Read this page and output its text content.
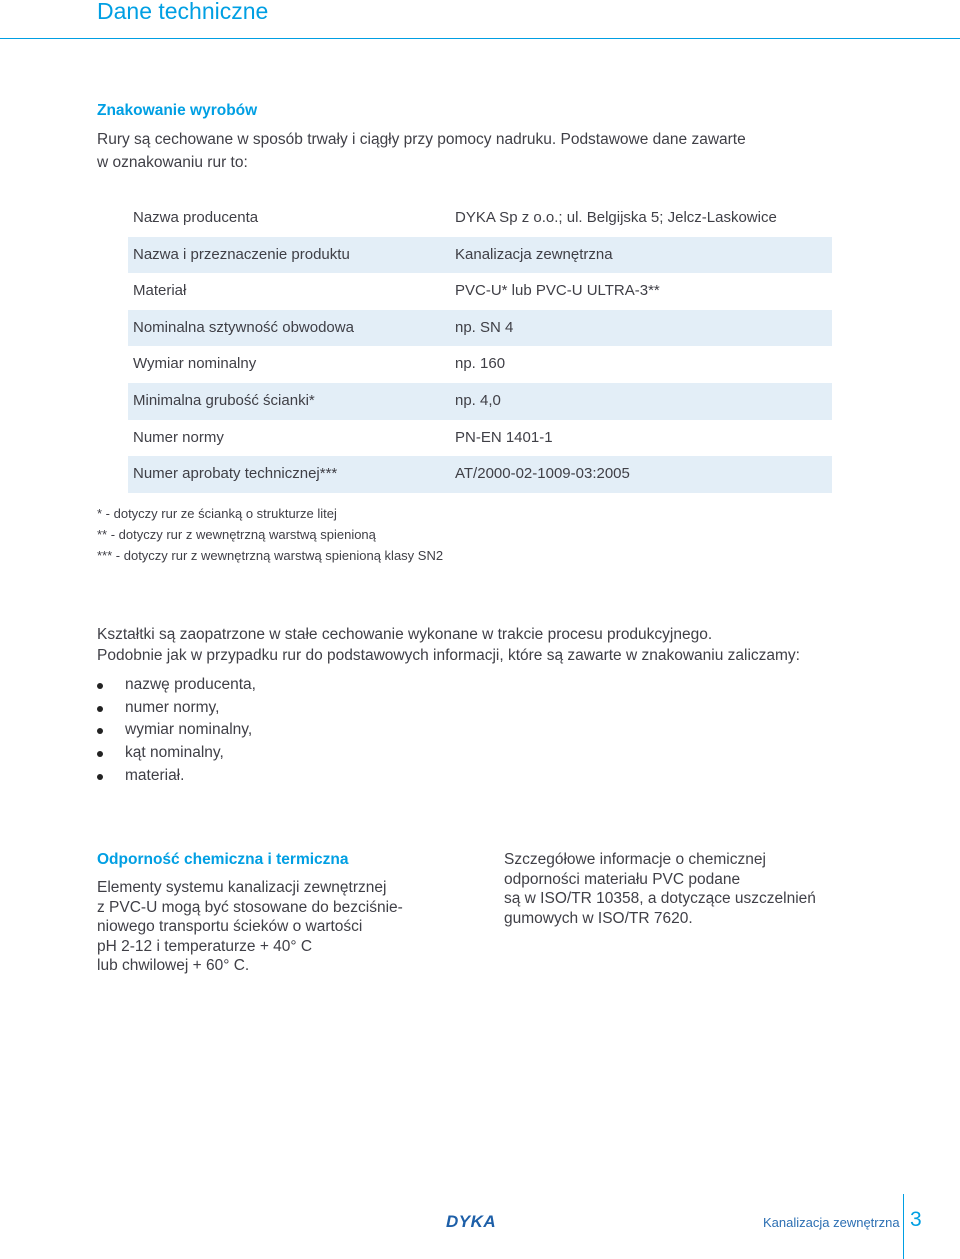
Dane techniczne
Znakowanie wyrobów
Rury są cechowane w sposób trwały i ciągły przy pomocy nadruku. Podstawowe dane zawarte
w oznakowaniu rur to:
Nazwa producenta	DYKA Sp z o.o.; ul. Belgijska 5; Jelcz-Laskowice
Nazwa i przeznaczenie produktu	Kanalizacja zewnętrzna
Materiał	PVC-U* lub PVC-U ULTRA-3**
Nominalna sztywność obwodowa	np. SN 4
Wymiar nominalny	np. 160
Minimalna grubość ścianki*	np. 4,0
Numer normy	PN-EN 1401-1
Numer aprobaty technicznej***	AT/2000-02-1009-03:2005
* - dotyczy rur ze ścianką o strukturze litej
** - dotyczy rur z wewnętrzną warstwą spienioną
*** - dotyczy rur z wewnętrzną warstwą spienioną klasy SN2
Kształtki są zaopatrzone w stałe cechowanie wykonane w trakcie procesu produkcyjnego.
Podobnie jak w przypadku rur do podstawowych informacji, które są zawarte w znakowaniu zaliczamy:
nazwę producenta,
numer normy,
wymiar nominalny,
kąt nominalny,
materiał.
Odporność chemiczna i termiczna
Elementy systemu kanalizacji zewnętrznej
z PVC-U mogą być stosowane do bezciśnie-
niowego transportu ścieków o wartości
pH 2-12 i temperaturze + 40° C
lub chwilowej + 60° C.
Szczegółowe informacje o chemicznej
odporności materiału PVC podane
są w ISO/TR 10358, a dotyczące uszczelnień
gumowych w ISO/TR 7620.
DYKA	Kanalizacja zewnętrzna 3
